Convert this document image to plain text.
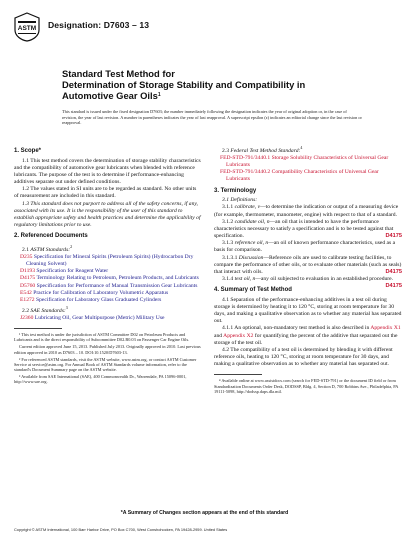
ASTM Designation: D7603 – 13
Standard Test Method for
Determination of Storage Stability and Compatibility in
Automotive Gear Oils$^1$
This standard is issued under the fixed designation D7603; the number immediately following the designation indicates the year of original adoption or, in the case of revision, the year of last revision. A number in parentheses indicates the year of last reapproval. A superscript epsilon (ε) indicates an editorial change since the last revision or reapproval.
1. Scope*

1.1 This test method covers the determination of storage stability characteristics and the compatibility of automotive gear lubricants when blended with reference lubricants. The purpose of the test is to determine if performance-enhancing additives separate out under defined conditions.

1.2 The values stated in SI units are to be regarded as standard. No other units of measurement are included in this standard.

1.3 This standard does not purport to address all of the safety concerns, if any, associated with its use. It is the responsibility of the user of this standard to establish appropriate safety and health practices and determine the applicability of regulatory limitations prior to use.

2. Referenced Documents

2.1 ASTM Standards:$^2$

D235 Specification for Mineral Spirits (Petroleum Spirits) (Hydrocarbon Dry Cleaning Solvent)

D1193 Specification for Reagent Water

D4175 Terminology Relating to Petroleum, Petroleum Products, and Lubricants

D5760 Specification for Performance of Manual Transmission Gear Lubricants

E542 Practice for Calibration of Laboratory Volumetric Apparatus

E1272 Specification for Laboratory Glass Graduated Cylinders

2.2 SAE Standards:$^3$

J2360 Lubricating Oil, Gear Multipurpose (Metric) Military Use

¹ This test method is under the jurisdiction of ASTM Committee D02 on Petroleum Products and Lubricants and is the direct responsibility of Subcommittee D02.B0.03 on Passenger Car Engine Oils.

Current edition approved June 15, 2013. Published July 2013. Originally approved in 2010. Last previous edition approved in 2010 as D7603 – 10. DOI:10.1520/D7603-13.

² For referenced ASTM standards, visit the ASTM website, www.astm.org, or contact ASTM Customer Service at service@astm.org. For Annual Book of ASTM Standards volume information, refer to the standard's Document Summary page on the ASTM website.

³ Available from SAE International (SAE), 400 Commonwealth Dr., Warrendale, PA 15096-0001, http://www.sae.org.

2.3 Federal Test Method Standard:$^4$

FED-STD-791/3440.1 Storage Solubility Characteristics of Universal Gear Lubricants

FED-STD-791/3440.2 Compatibility Characteristics of Universal Gear Lubricants

3. Terminology

3.1 Definitions:

3.1.1 calibrate, v—to determine the indication or output of a measuring device (for example, thermometer, manometer, engine) with respect to that of a standard.

3.1.2 candidate oil, n—an oil that is intended to have the performance characteristics necessary to satisfy a specification and is to be tested against that specification.	D4175

3.1.3 reference oil, n—an oil of known performance characteristics, used as a basis for comparison.

3.1.3.1 Discussion—Reference oils are used to calibrate testing facilities, to compare the performance of other oils, or to evaluate other materials (such as seals) that interact with oils.	D4175

3.1.4 test oil, n—any oil subjected to evaluation in an established procedure.
D4175

4. Summary of Test Method

4.1 Separation of the performance-enhancing additives in a test oil during storage is determined by heating it to 120 °C, storing at room temperature for 30 days, and making a qualitative observation as to whether any material has separated out.

4.1.1 An optional, non-mandatory test method is also described in Appendix X1 and Appendix X2 for quantifying the percent of the additive that separated out the storage of the test oil.

4.2 The compatibility of a test oil is determined by blending it with different reference oils, heating to 120 °C, storing at room temperature for 30 days, and making a qualitative observation as to whether any material has separated out.

⁴ Available online at www.assistdocs.com (search for FED-STD-791) or the document ID field or from Standardization Documents Order Desk, DODSSP, Bldg. 4, Section D, 700 Robbins Ave., Philadelphia, PA 19111-5098, http://dodssp.daps.dla.mil.

*A Summary of Changes section appears at the end of this standard
Copyright © ASTM International, 100 Barr Harbor Drive, PO Box C700, West Conshohocken, PA 19428-2959. United States
